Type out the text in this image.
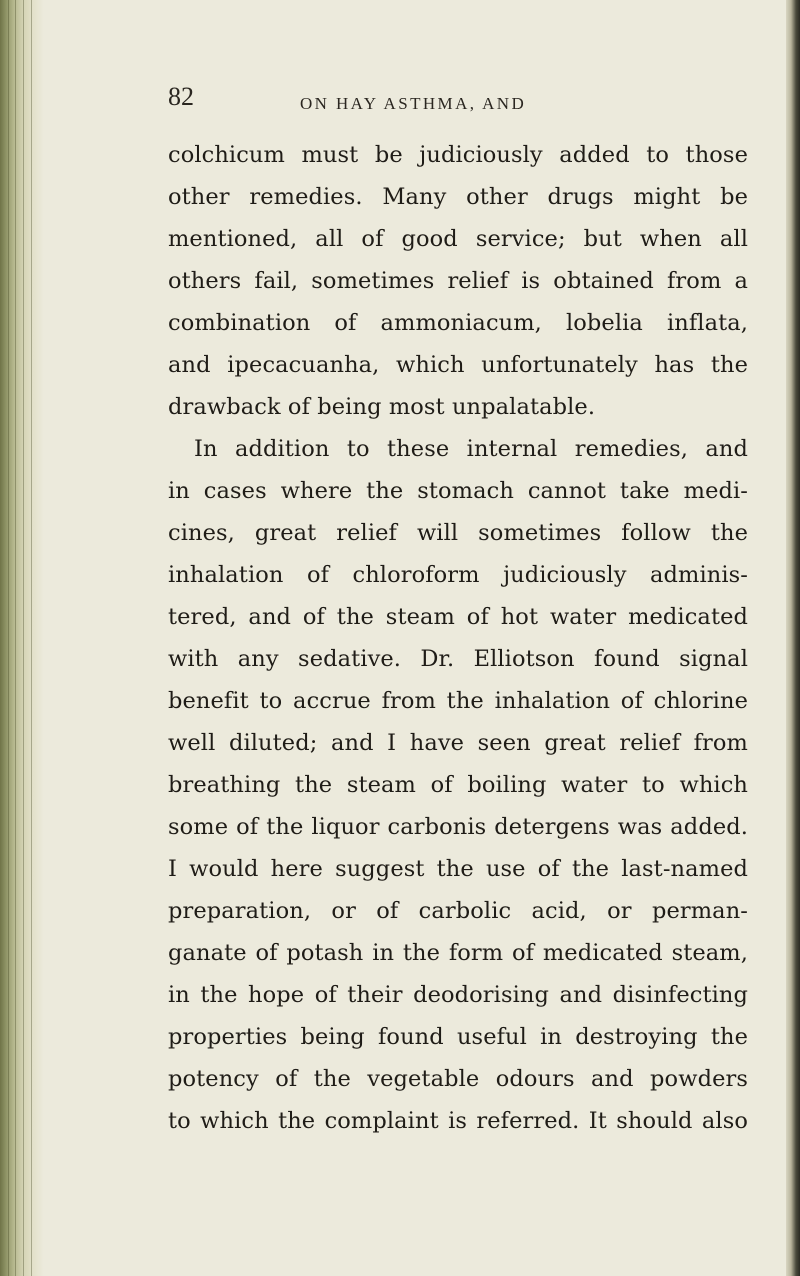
82	ON HAY ASTHMA, AND

colchicum must be judiciously added to those
other remedies. Many other drugs might be
mentioned, all of good service; but when all
others fail, sometimes relief is obtained from a
combination of ammoniacum, lobelia inflata,
and ipecacuanha, which unfortunately has the
drawback of being most unpalatable.
In addition to these internal remedies, and
in cases where the stomach cannot take medi-
cines, great relief will sometimes follow the
inhalation of chloroform judiciously adminis-
tered, and of the steam of hot water medicated
with any sedative. Dr. Elliotson found signal
benefit to accrue from the inhalation of chlorine
well diluted; and I have seen great relief from
breathing the steam of boiling water to which
some of the liquor carbonis detergens was added.
I would here suggest the use of the last-named
preparation, or of carbolic acid, or perman-
ganate of potash in the form of medicated steam,
in the hope of their deodorising and disinfecting
properties being found useful in destroying the
potency of the vegetable odours and powders
to which the complaint is referred. It should also
